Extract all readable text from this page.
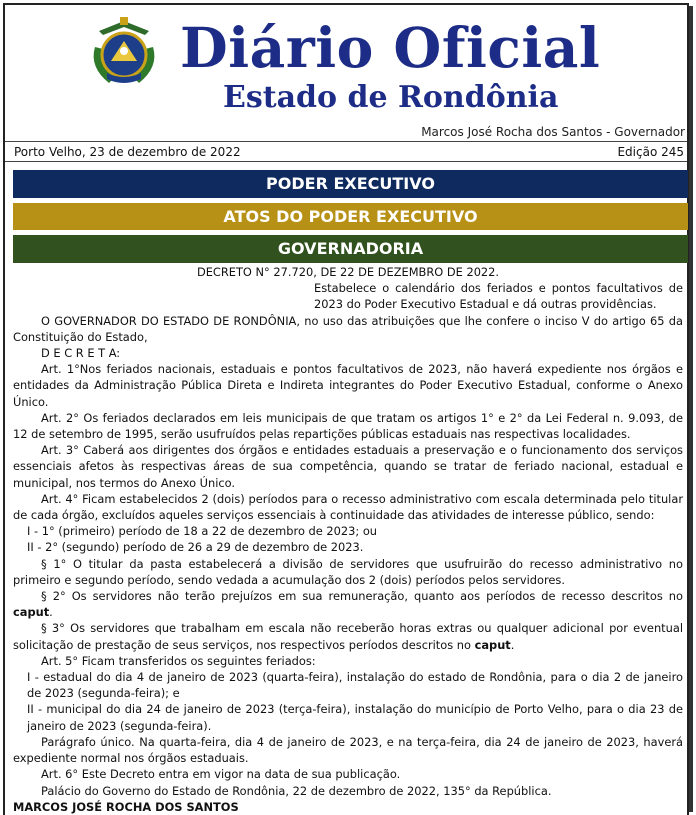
Diário Oficial
Estado de Rondônia
Marcos José Rocha dos Santos - Governador
Porto Velho, 23 de dezembro de 2022	Edição 245
PODER EXECUTIVO
ATOS DO PODER EXECUTIVO
GOVERNADORIA

DECRETO N° 27.720, DE 22 DE DEZEMBRO DE 2022.

Estabelece o calendário dos feriados e pontos facultativos de 2023 do Poder Executivo Estadual e dá outras providências.

O GOVERNADOR DO ESTADO DE RONDÔNIA, no uso das atribuições que lhe confere o inciso V do artigo 65 da Constituição do Estado,

D E C R E T A:

Art. 1°Nos feriados nacionais, estaduais e pontos facultativos de 2023, não haverá expediente nos órgãos e entidades da Administração Pública Direta e Indireta integrantes do Poder Executivo Estadual, conforme o Anexo Único.

Art. 2° Os feriados declarados em leis municipais de que tratam os artigos 1° e 2° da Lei Federal n. 9.093, de 12 de setembro de 1995, serão usufruídos pelas repartições públicas estaduais nas respectivas localidades.

Art. 3° Caberá aos dirigentes dos órgãos e entidades estaduais a preservação e o funcionamento dos serviços essenciais afetos às respectivas áreas de sua competência, quando se tratar de feriado nacional, estadual e municipal, nos termos do Anexo Único.

Art. 4° Ficam estabelecidos 2 (dois) períodos para o recesso administrativo com escala determinada pelo titular de cada órgão, excluídos aqueles serviços essenciais à continuidade das atividades de interesse público, sendo:

I - 1° (primeiro) período de 18 a 22 de dezembro de 2023; ou

II - 2° (segundo) período de 26 a 29 de dezembro de 2023.

§ 1° O titular da pasta estabelecerá a divisão de servidores que usufruirão do recesso administrativo no primeiro e segundo período, sendo vedada a acumulação dos 2 (dois) períodos pelos servidores.

§ 2° Os servidores não terão prejuízos em sua remuneração, quanto aos períodos de recesso descritos no caput.

§ 3° Os servidores que trabalham em escala não receberão horas extras ou qualquer adicional por eventual solicitação de prestação de seus serviços, nos respectivos períodos descritos no caput.

Art. 5° Ficam transferidos os seguintes feriados:

I - estadual do dia 4 de janeiro de 2023 (quarta-feira), instalação do estado de Rondônia, para o dia 2 de janeiro de 2023 (segunda-feira); e

II - municipal do dia 24 de janeiro de 2023 (terça-feira), instalação do município de Porto Velho, para o dia 23 de janeiro de 2023 (segunda-feira).

Parágrafo único. Na quarta-feira, dia 4 de janeiro de 2023, e na terça-feira, dia 24 de janeiro de 2023, haverá expediente normal nos órgãos estaduais.

Art. 6° Este Decreto entra em vigor na data de sua publicação.

Palácio do Governo do Estado de Rondônia, 22 de dezembro de 2022, 135° da República.

MARCOS JOSÉ ROCHA DOS SANTOS
